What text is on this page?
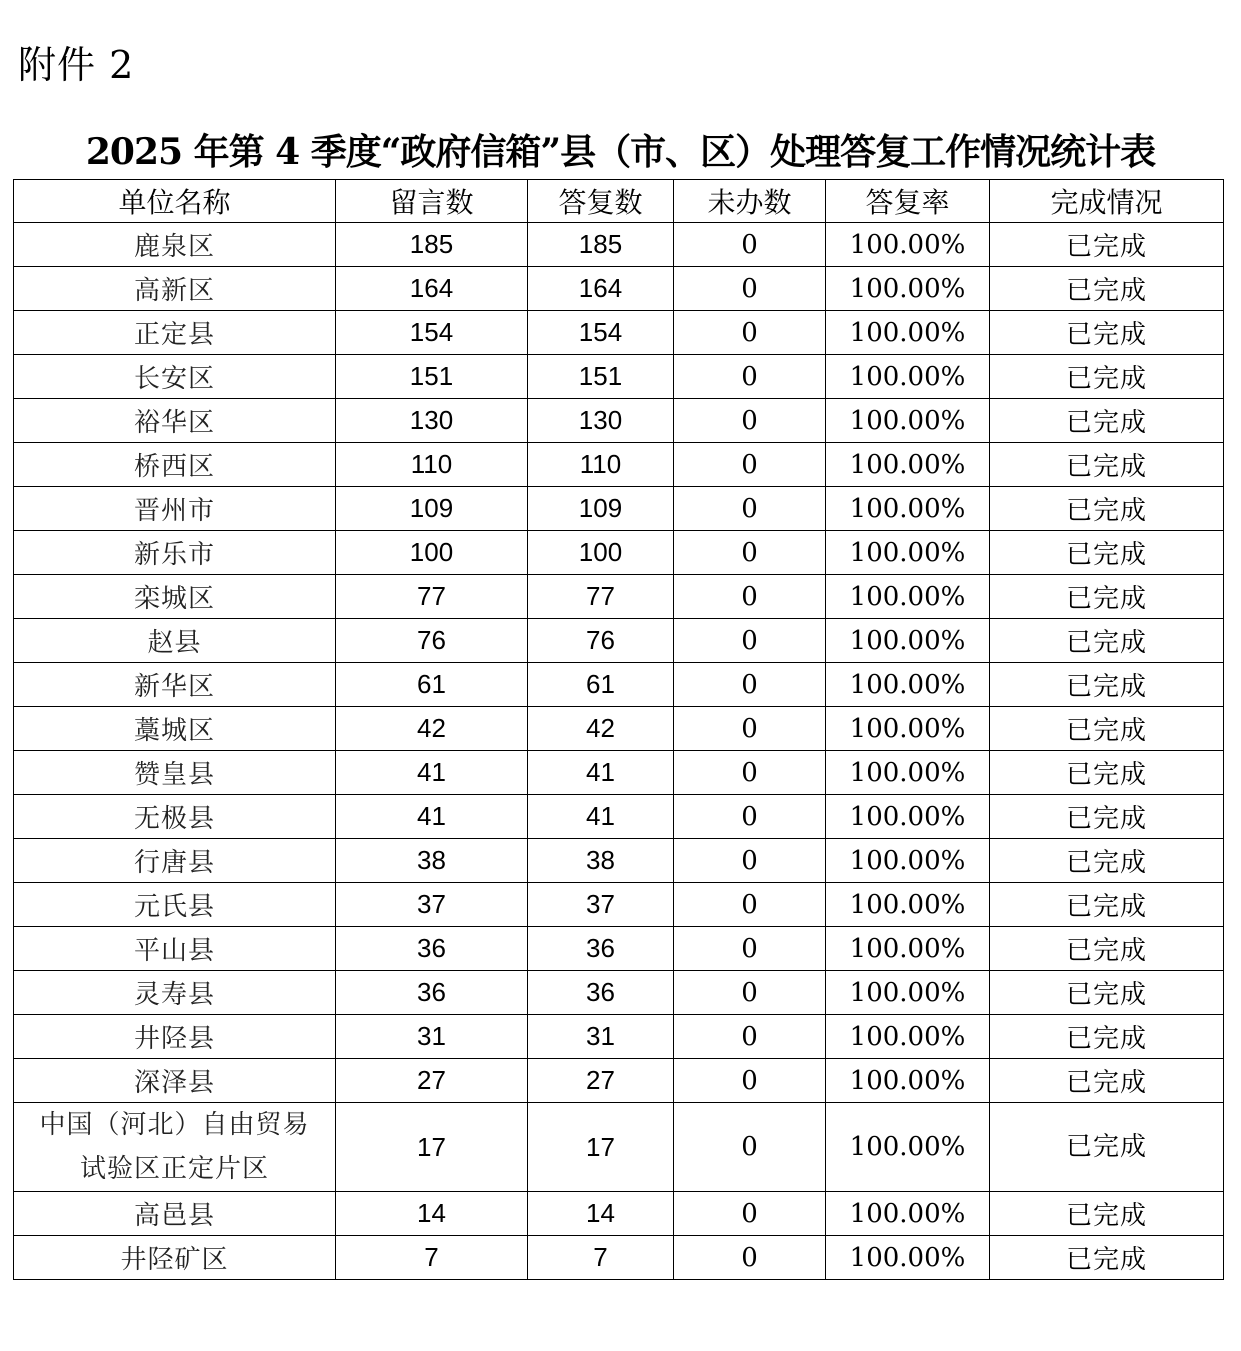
附件 2
2025 年第 4 季度“政府信箱”县（市、区）处理答复工作情况统计表
单位名称	留言数	答复数	未办数	答复率	完成情况

鹿泉区	185	185	0	100.00%	已完成

高新区	164	164	0	100.00%	已完成

正定县	154	154	0	100.00%	已完成

长安区	151	151	0	100.00%	已完成

裕华区	130	130	0	100.00%	已完成

桥西区	110	110	0	100.00%	已完成

晋州市	109	109	0	100.00%	已完成

新乐市	100	100	0	100.00%	已完成

栾城区	77	77	0	100.00%	已完成

赵县	76	76	0	100.00%	已完成

新华区	61	61	0	100.00%	已完成

藁城区	42	42	0	100.00%	已完成

赞皇县	41	41	0	100.00%	已完成

无极县	41	41	0	100.00%	已完成

行唐县	38	38	0	100.00%	已完成

元氏县	37	37	0	100.00%	已完成

平山县	36	36	0	100.00%	已完成

灵寿县	36	36	0	100.00%	已完成

井陉县	31	31	0	100.00%	已完成

深泽县	27	27	0	100.00%	已完成

中国（河北）自由贸易
试验区正定片区	17	17	0	100.00%	已完成

高邑县	14	14	0	100.00%	已完成

井陉矿区	7	7	0	100.00%	已完成
